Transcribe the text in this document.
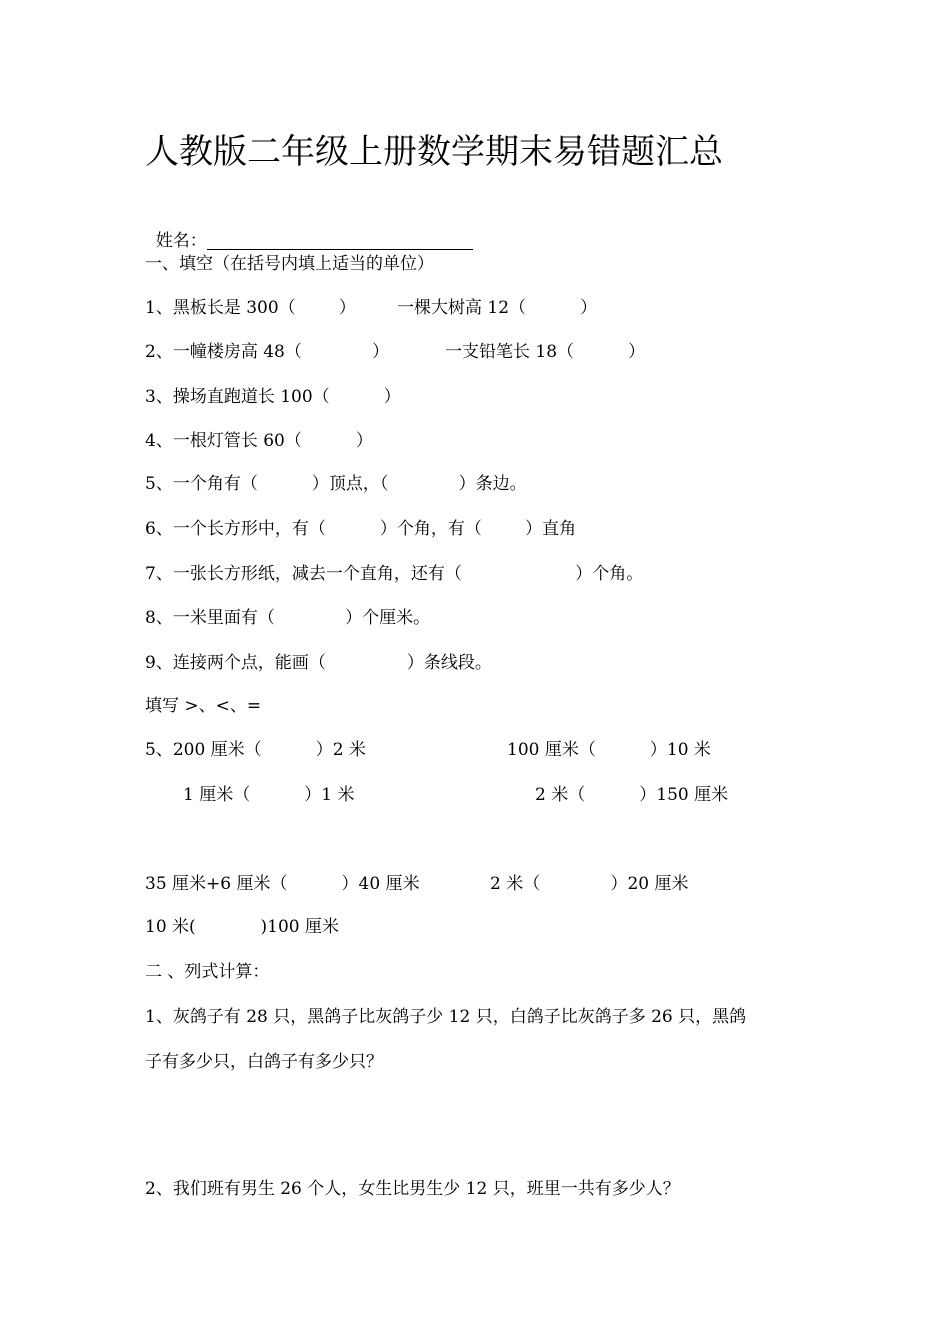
人教版二年级上册数学期末易错题汇总

姓名：

一、填空（在括号内填上适当的单位）

1、黑板长是 300（        ）

一棵大树高 12（          ）

2、一幢楼房高 48（             ）

	一支铅笔长 18（          ）

3、操场直跑道长 100（          ）
4、一根灯管长 60（          ）
5、一个角有（          ）顶点，（             ）条边。
6、一个长方形中，有（          ）个角，有（        ）直角
7、一张长方形纸，减去一个直角，还有（                     ）个角。
8、一米里面有（             ）个厘米。
9、连接两个点，能画（               ）条线段。
填写 >、<、=

5、200 厘米（          ）2 米

	100 厘米（          ）10 米

1 厘米（          ）1 米

	2 米（          ）150 厘米

35 厘米+6 厘米（          ）40 厘米

	2 米（             ）20 厘米

10 米(            )100 厘米
二 、列式计算：
1、灰鸽子有 28 只，黑鸽子比灰鸽子少 12 只，白鸽子比灰鸽子多 26 只，黑鸽
子有多少只，白鸽子有多少只？
2、我们班有男生 26 个人，女生比男生少 12 只，班里一共有多少人？
